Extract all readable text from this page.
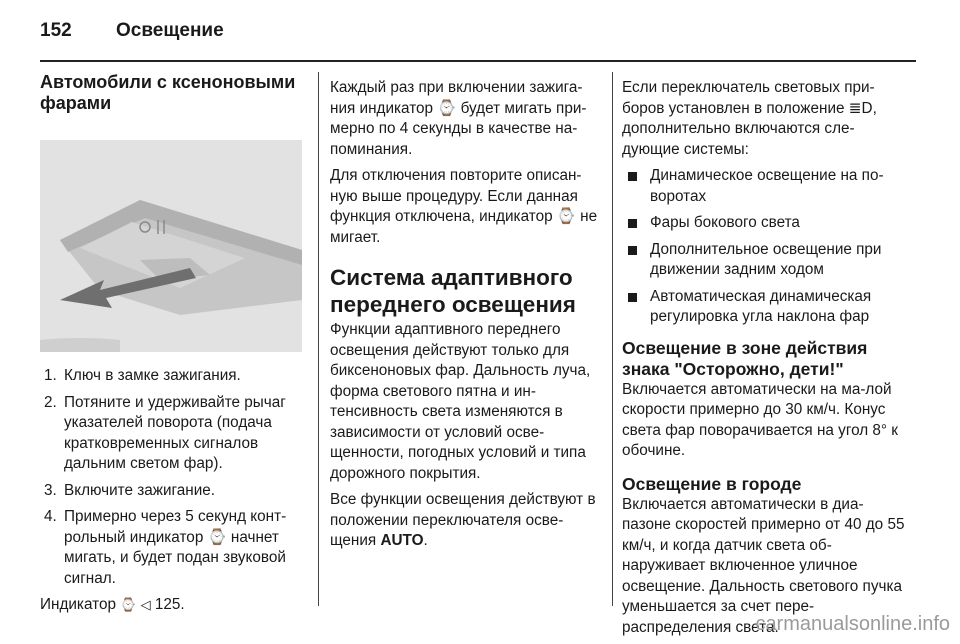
152 Освещение
Автомобили с ксеноновыми фарами
1. Ключ в замке зажигания.
2. Потяните и удерживайте рычаг указателей поворота (подача кратковременных сигналов дальним светом фар).
3. Включите зажигание.
4. Примерно через 5 секунд конт-рольный индикатор ⌚ начнет мигать, и будет подан звуковой сигнал.

Индикатор ⌚ ◁ 125.

Каждый раз при включении зажига-ния индикатор ⌚ будет мигать при-мерно по 4 секунды в качестве на-поминания.

Для отключения повторите описан-ную выше процедуру. Если данная функция отключена, индикатор ⌚ не мигает.

Система адаптивного переднего освещения

Функции адаптивного переднего освещения действуют только для биксеноновых фар. Дальность луча, форма светового пятна и ин-тенсивность света изменяются в зависимости от условий осве-щенности, погодных условий и типа дорожного покрытия.

Все функции освещения действуют в положении переключателя осве-щения AUTO.

Если переключатель световых при-боров установлен в положение ≣D, дополнительно включаются сле-дующие системы:

Динамическое освещение на по-воротах
Фары бокового света
Дополнительное освещение при движении задним ходом
Автоматическая динамическая регулировка угла наклона фар
Освещение в зоне действия знака "Осторожно, дети!"

Включается автоматически на ма-лой скорости примерно до 30 км/ч. Конус света фар поворачивается на угол 8° к обочине.

Освещение в городе

Включается автоматически в диа-пазоне скоростей примерно от 40 до 55 км/ч, и когда датчик света об-наруживает включенное уличное освещение. Дальность светового пучка уменьшается за счет пере-распределения света.

carmanualsonline.info
